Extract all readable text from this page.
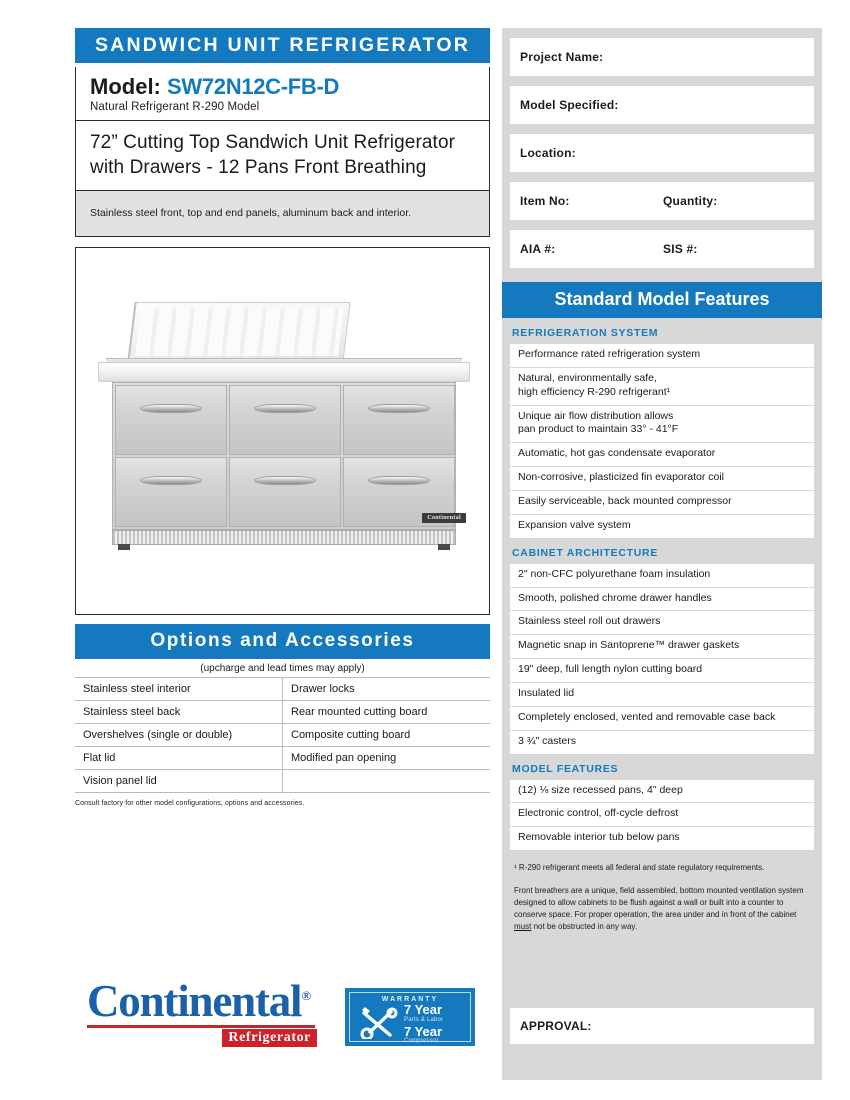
SANDWICH UNIT REFRIGERATOR
Model: SW72N12C-FB-D
Natural Refrigerant R-290 Model
72” Cutting Top Sandwich Unit Refrigerator with Drawers - 12 Pans Front Breathing
Stainless steel front, top and end panels, aluminum back and interior.
Continental
Options and Accessories
(upcharge and lead times may apply)
Stainless steel interior	Drawer locks
Stainless steel back	Rear mounted cutting board
Overshelves (single or double)	Composite cutting board
Flat lid	Modified pan opening
Vision panel lid	
Consult factory for other model configurations, options and accessories.
Continental®
Refrigerator
WARRANTY
7 Year
Parts & Labor
7 Year
Compressor
Project Name:
Model Specified:
Location:
Item No:	Quantity:
AIA #:	SIS #:
Standard Model Features
REFRIGERATION SYSTEM
Performance rated refrigeration system
Natural, environmentally safe,
high efficiency R-290 refrigerant¹
Unique air flow distribution allows
pan product to maintain 33° - 41°F
Automatic, hot gas condensate evaporator
Non-corrosive, plasticized fin evaporator coil
Easily serviceable, back mounted compressor
Expansion valve system
CABINET ARCHITECTURE
2" non-CFC polyurethane foam insulation
Smooth, polished chrome drawer handles
Stainless steel roll out drawers
Magnetic snap in Santoprene™ drawer gaskets
19" deep, full length nylon cutting board
Insulated lid
Completely enclosed, vented and removable case back
3 ¾" casters
MODEL FEATURES
(12) ⅛ size recessed pans, 4" deep
Electronic control, off-cycle defrost
Removable interior tub below pans
¹ R-290 refrigerant meets all federal and state regulatory requirements.
Front breathers are a unique, field assembled, bottom mounted ventilation system designed to allow cabinets to be flush against a wall or built into a counter to conserve space. For proper operation, the area under and in front of the cabinet must not be obstructed in any way.
APPROVAL:
